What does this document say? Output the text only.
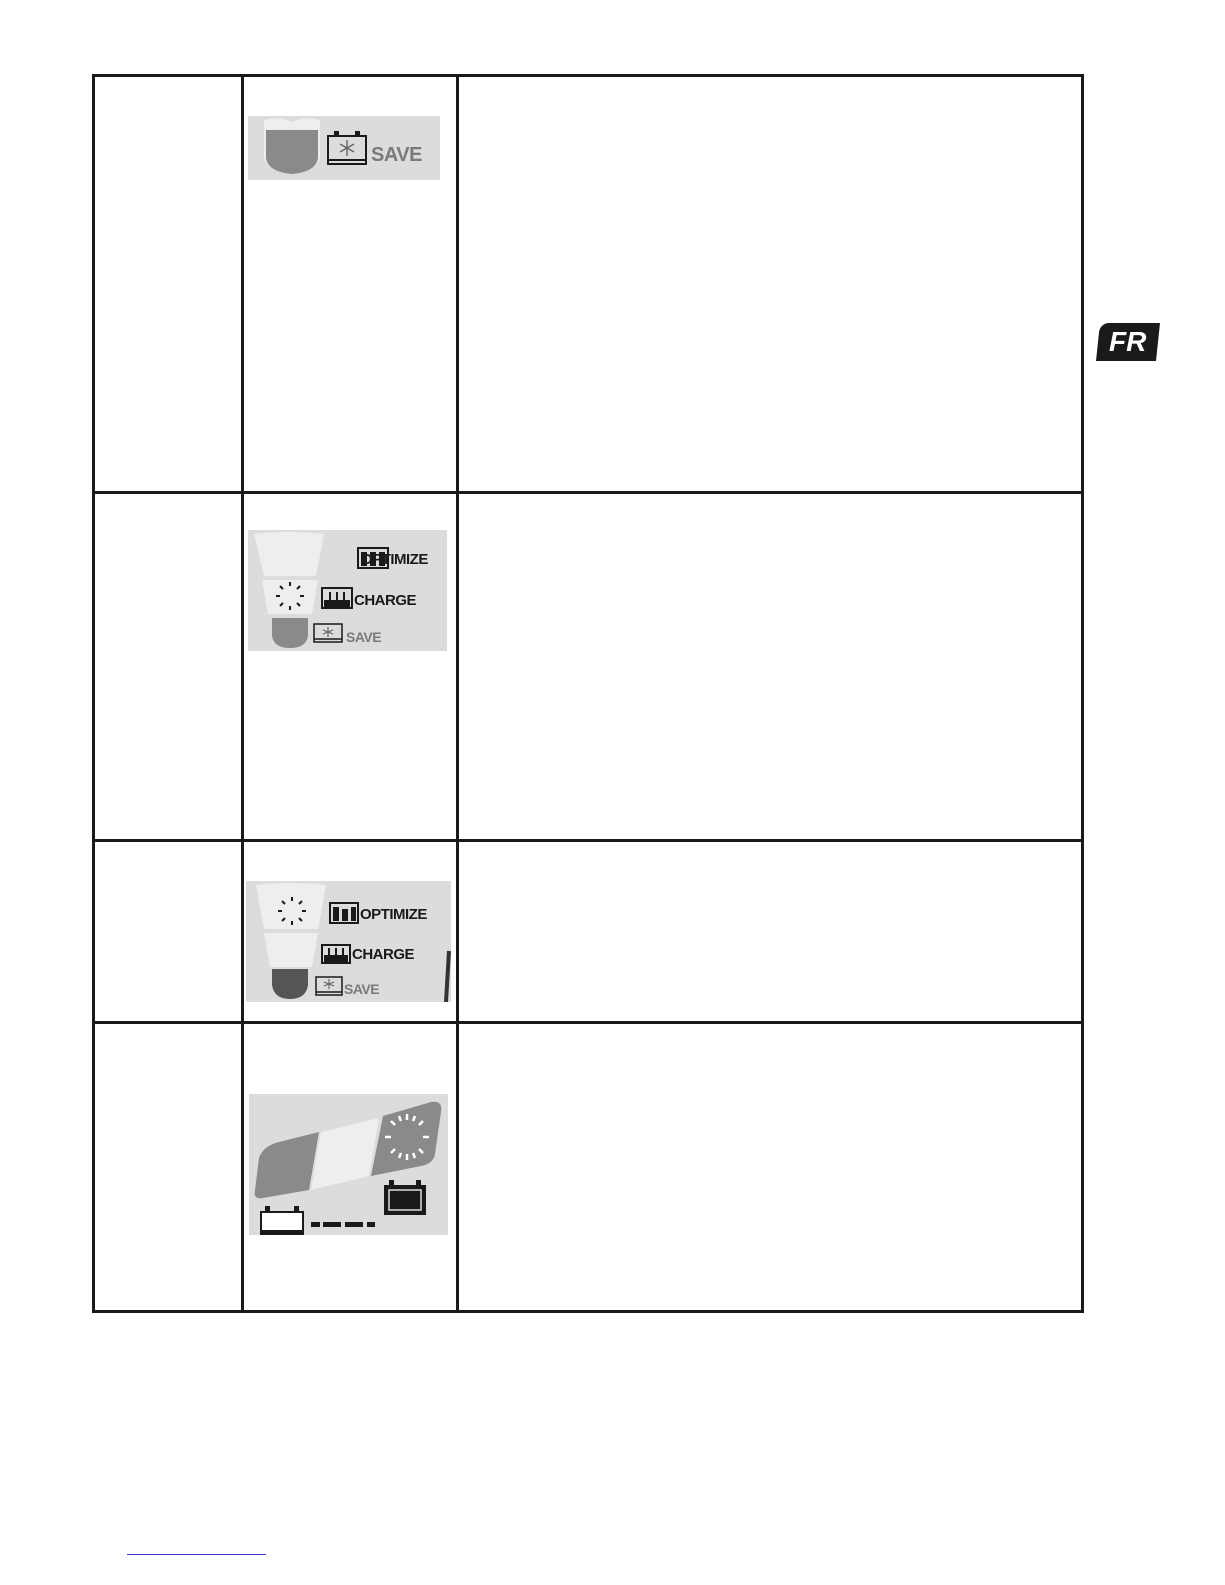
SAVE
OPTIMIZE
CHARGE
SAVE
OPTIMIZE
CHARGE
SAVE
FR
